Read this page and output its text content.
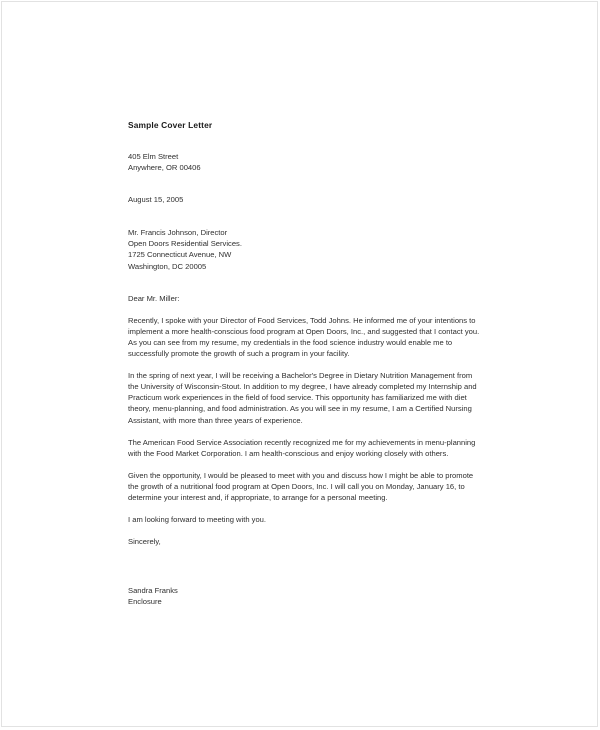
Sample Cover Letter
405 Elm Street
Anywhere, OR 00406
August 15, 2005
Mr. Francis Johnson, Director
Open Doors Residential Services.
1725 Connecticut Avenue, NW
Washington, DC 20005
Dear Mr. Miller:

Recently, I spoke with your Director of Food Services, Todd Johns. He informed me of your intentions to implement a more health-conscious food program at Open Doors, Inc., and suggested that I contact you. As you can see from my resume, my credentials in the food science industry would enable me to successfully promote the growth of such a program in your facility.

In the spring of next year, I will be receiving a Bachelor's Degree in Dietary Nutrition Management from the University of Wisconsin-Stout. In addition to my degree, I have already completed my Internship and Practicum work experiences in the field of food service. This opportunity has familiarized me with diet theory, menu-planning, and food administration. As you will see in my resume, I am a Certified Nursing Assistant, with more than three years of experience.

The American Food Service Association recently recognized me for my achievements in menu-planning with the Food Market Corporation. I am health-conscious and enjoy working closely with others.

Given the opportunity, I would be pleased to meet with you and discuss how I might be able to promote the growth of a nutritional food program at Open Doors, Inc. I will call you on Monday, January 16, to determine your interest and, if appropriate, to arrange for a personal meeting.

I am looking forward to meeting with you.
Sincerely,
Sandra Franks
Enclosure
